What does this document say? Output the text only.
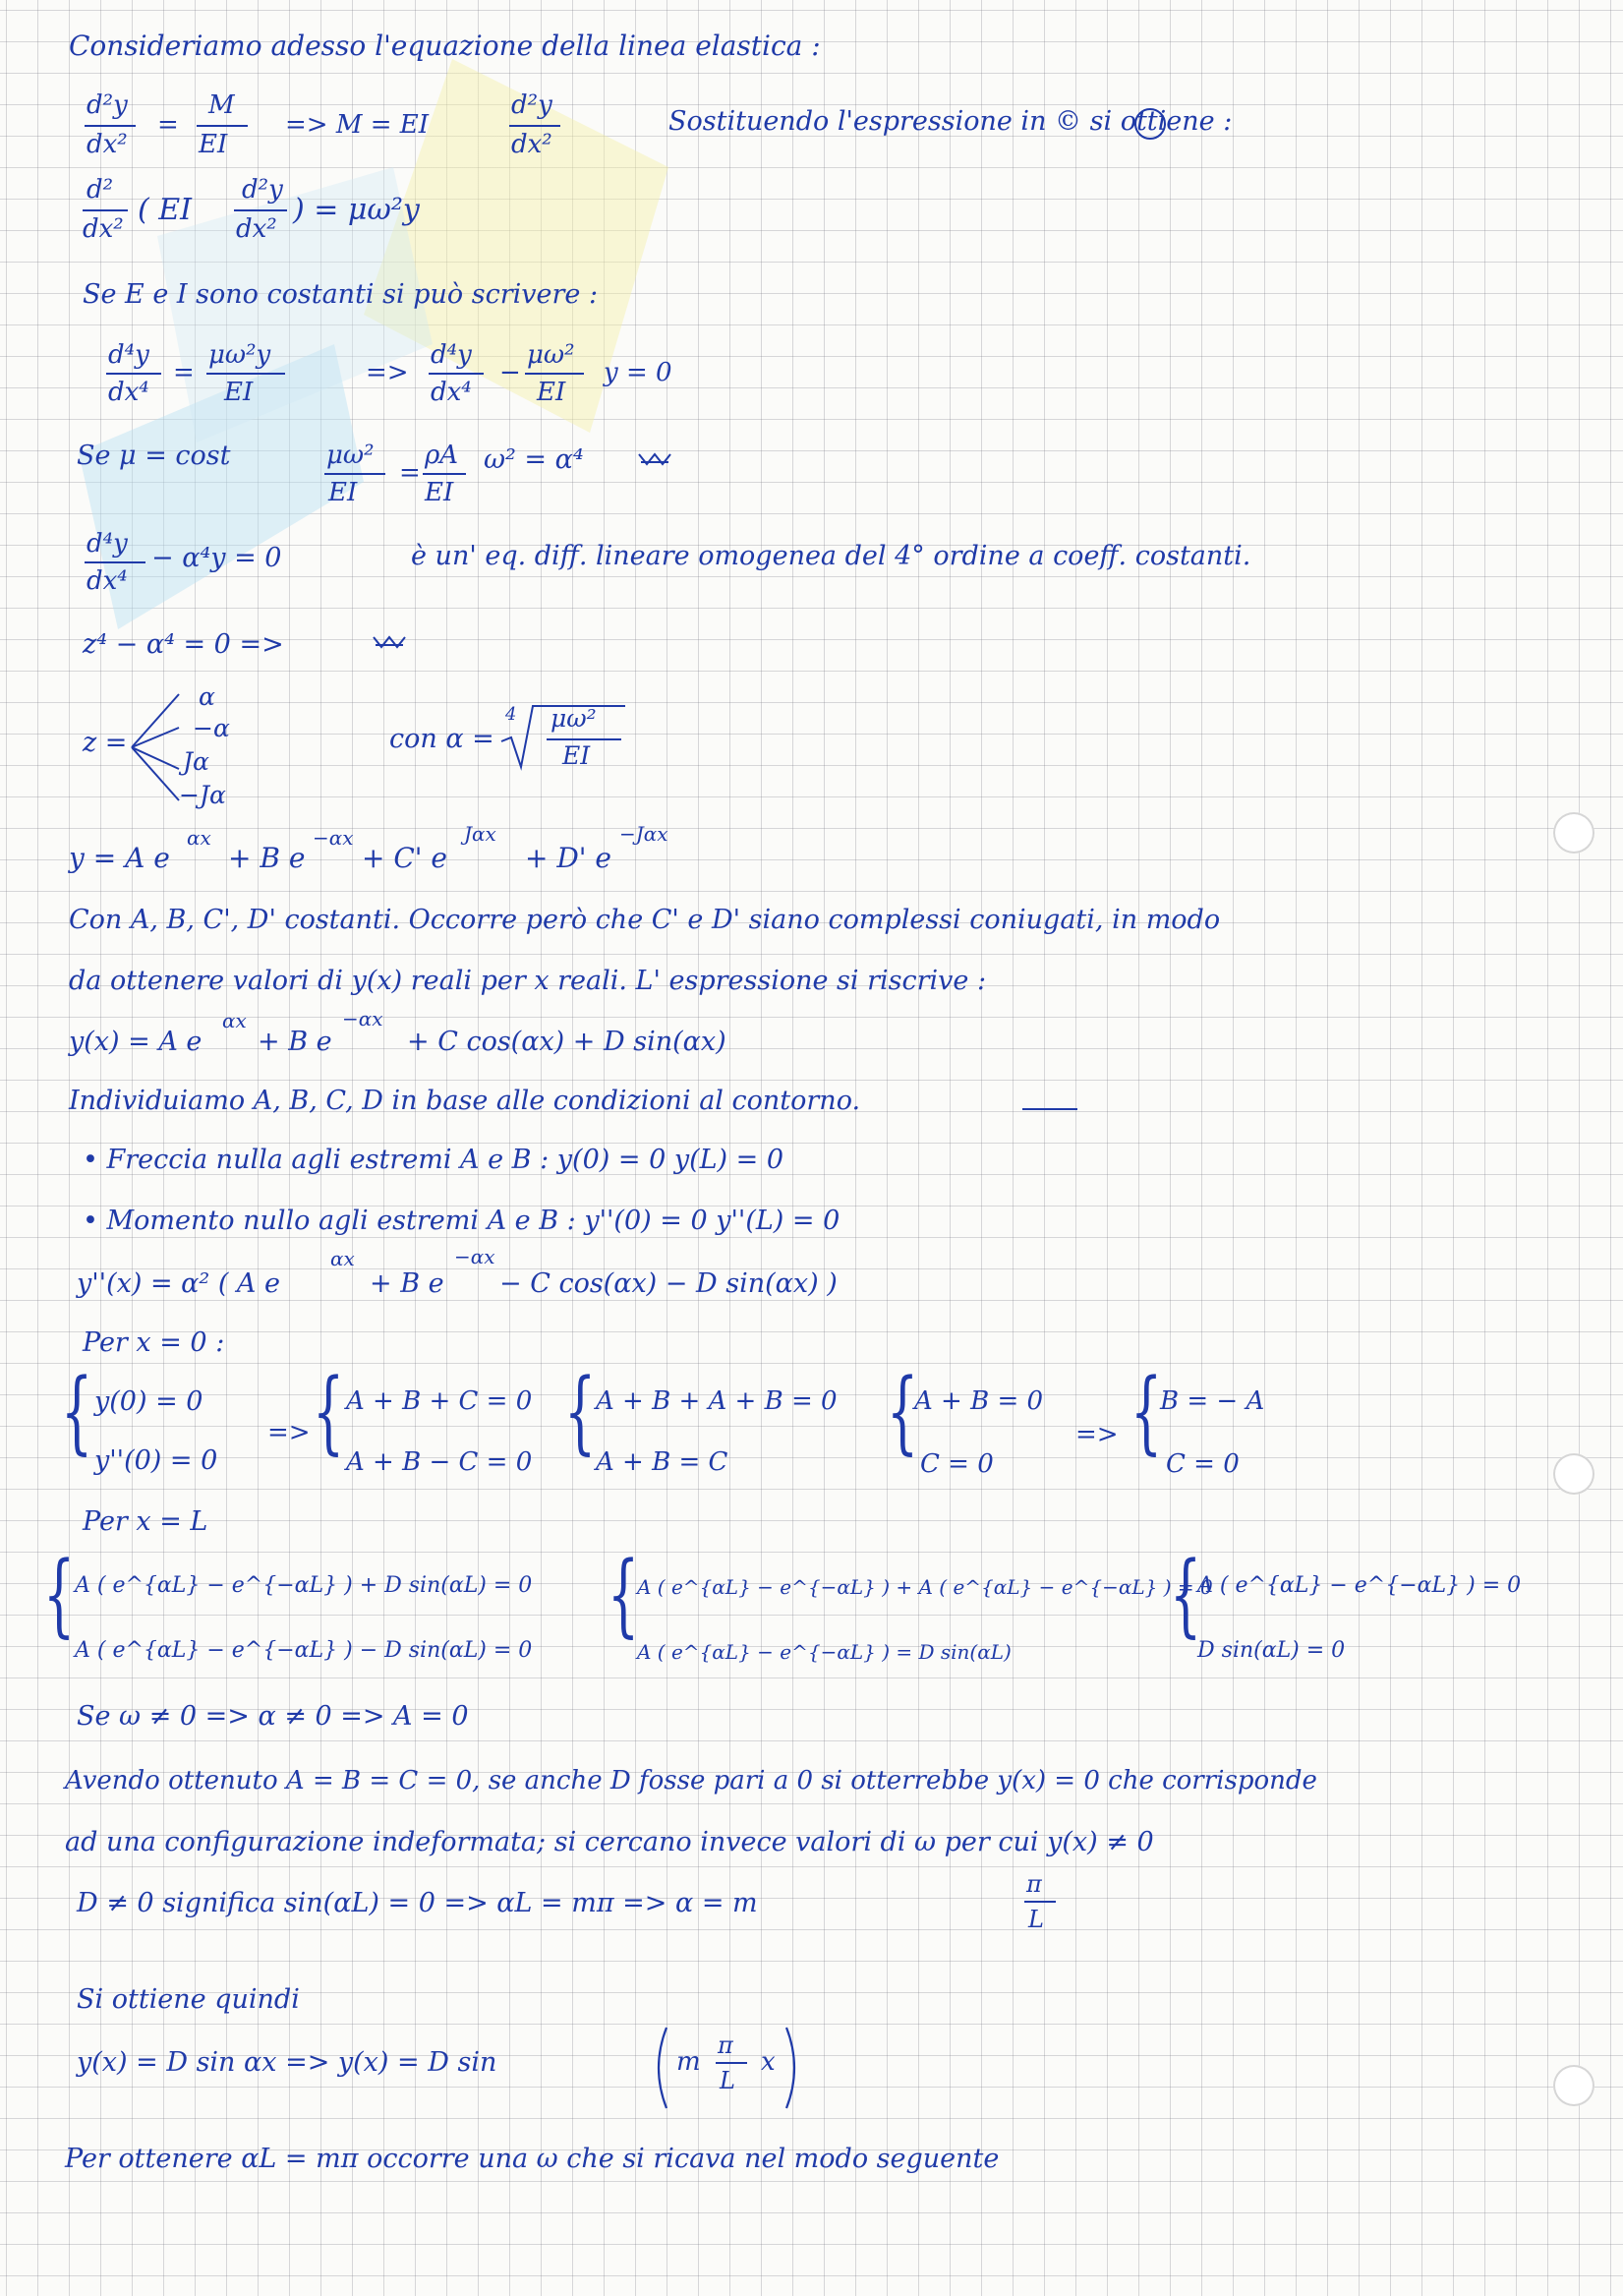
Consideriamo adesso l'equazione della linea elastica :
d²y
dx²
=
M
EI
=> M = EI
d²y
dx²
Sostituendo l'espressione in © si ottiene :
d²
dx²
( EI
d²y
dx²
) = μω²y
Se E e I sono costanti si può scrivere :
d⁴y
dx⁴
=
μω²y
EI
=>
d⁴y
dx⁴
−
μω²
EI
y = 0
Se μ = cost	μω²
EI
=
ρA
EI
ω² = α⁴
d⁴y
dx⁴
− α⁴y = 0	è un' eq. diff. lineare omogenea del 4° ordine a coeff. costanti.
z⁴ − α⁴ = 0 =>
z =
α
−α
Jα
−Jα
con α =
4 μω²
EI
y = A e
αx
+ B e
−αx
+ C' e
Jαx
+ D' e
−Jαx
Con A, B, C', D' costanti. Occorre però che C' e D' siano complessi coniugati, in modo
da ottenere valori di y(x) reali per x reali. L' espressione si riscrive :
y(x) = A e
αx
+ B e
−αx
+ C cos(αx) + D sin(αx)
Individuiamo A, B, C, D in base alle condizioni al contorno.
• Freccia nulla agli estremi A e B : y(0) = 0 y(L) = 0
• Momento nullo agli estremi A e B : y''(0) = 0 y''(L) = 0
y''(x) = α² ( A e
αx
+ B e
−αx
− C cos(αx) − D sin(αx) )
Per x = 0 :
{ y(0) = 0
y''(0) = 0
=> { A + B + C = 0
A + B − C = 0 { A + B + A + B = 0
A + B = C {
A + B = 0
C = 0
=> {
B = − A
C = 0
Per x = L
{ A ( e^{αL} − e^{−αL} ) + D sin(αL) = 0
A ( e^{αL} − e^{−αL} ) − D sin(αL) = 0
{
A ( e^{αL} − e^{−αL} ) + A ( e^{αL} − e^{−αL} ) = 0
A ( e^{αL} − e^{−αL} ) = D sin(αL)
{
A ( e^{αL} − e^{−αL} ) = 0
D sin(αL) = 0
Se ω ≠ 0 => α ≠ 0 => A = 0
Avendo ottenuto A = B = C = 0, se anche D fosse pari a 0 si otterrebbe y(x) = 0 che corrisponde
ad una configurazione indeformata; si cercano invece valori di ω per cui y(x) ≠ 0
D ≠ 0 significa sin(αL) = 0 => αL = mπ => α = m
π
L
Si ottiene quindi
y(x) = D sin αx => y(x) = D sin	m
π
L
x
Per ottenere αL = mπ occorre una ω che si ricava nel modo seguente
